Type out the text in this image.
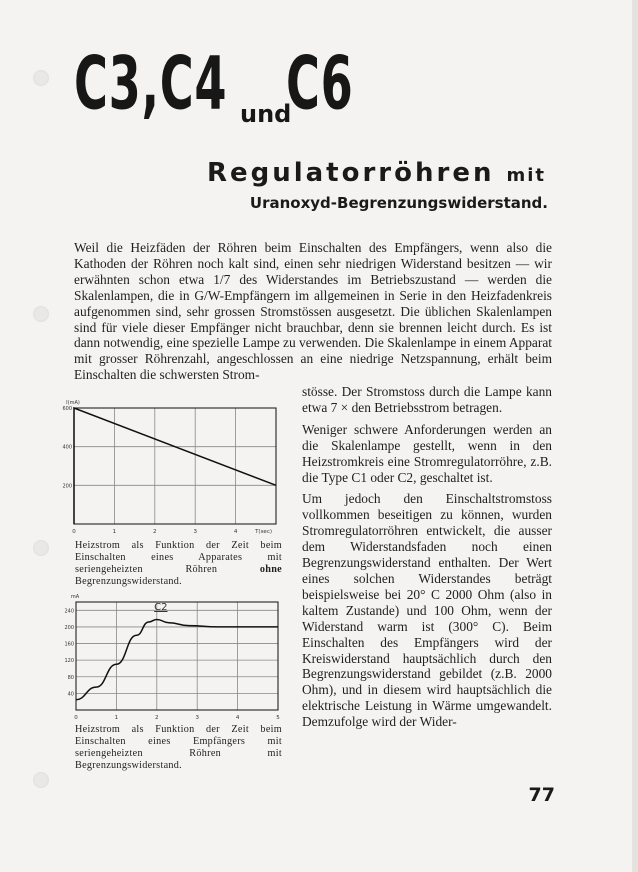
C3,C4 und
C6
Regulatorröhren mit
Uranoxyd-Begrenzungswiderstand.

Weil die Heizfäden der Röhren beim Einschalten des Empfängers, wenn also die Kathoden der Röhren noch kalt sind, einen sehr niedrigen Widerstand besitzen — wir erwähnten schon etwa 1/7 des Widerstandes im Betriebszustand — werden die Skalenlampen, die in G/W-Empfängern im allgemeinen in Serie in den Heizfadenkreis aufgenommen sind, sehr grossen Stromstössen ausgesetzt. Die üblichen Skalenlampen sind für viele dieser Empfänger nicht brauchbar, denn sie brennen leicht durch. Es ist dann notwendig, eine spezielle Lampe zu verwenden. Die Skalenlampe in einem Apparat mit grosser Röhrenzahl, angeschlossen an eine niedrige Netzspannung, erhält beim Einschalten die schwersten Strom-

stösse. Der Stromstoss durch die Lampe kann etwa 7 × den Betriebsstrom betragen.

Weniger schwere Anforderungen werden an die Skalenlampe gestellt, wenn in den Heizstromkreis eine Stromregulatorröhre, z.B. die Type C1 oder C2, geschaltet ist.

Um jedoch den Einschaltstromstoss vollkommen beseitigen zu können, wurden Stromregulatorröhren entwickelt, die ausser dem Widerstandsfaden noch einen Begrenzungswiderstand enthalten. Der Wert eines solchen Widerstandes beträgt beispielsweise bei 20° C 2000 Ohm (also in kaltem Zustande) und 100 Ohm, wenn der Widerstand warm ist (300° C). Beim Einschalten des Empfängers wird der Kreiswiderstand hauptsächlich durch den Begrenzungswiderstand gebildet (z.B. 2000 Ohm), und in diesem wird hauptsächlich die elektrische Leistung in Wärme umgewandelt. Demzufolge wird der Wider-

0	1	2	3	4	T(sec)
600
400
200
I(mA)
Heizstrom als Funktion der Zeit beim Einschalten eines Apparates mit seriengeheizten Röhren	ohne Begrenzungswiderstand.
0	1	2	3	4	5
240
200
160
120
80
40
mA
C2
Heizstrom als Funktion der Zeit beim Einschalten eines Empfängers mit seriengeheizten Röhren mit Begrenzungswiderstand.
77
